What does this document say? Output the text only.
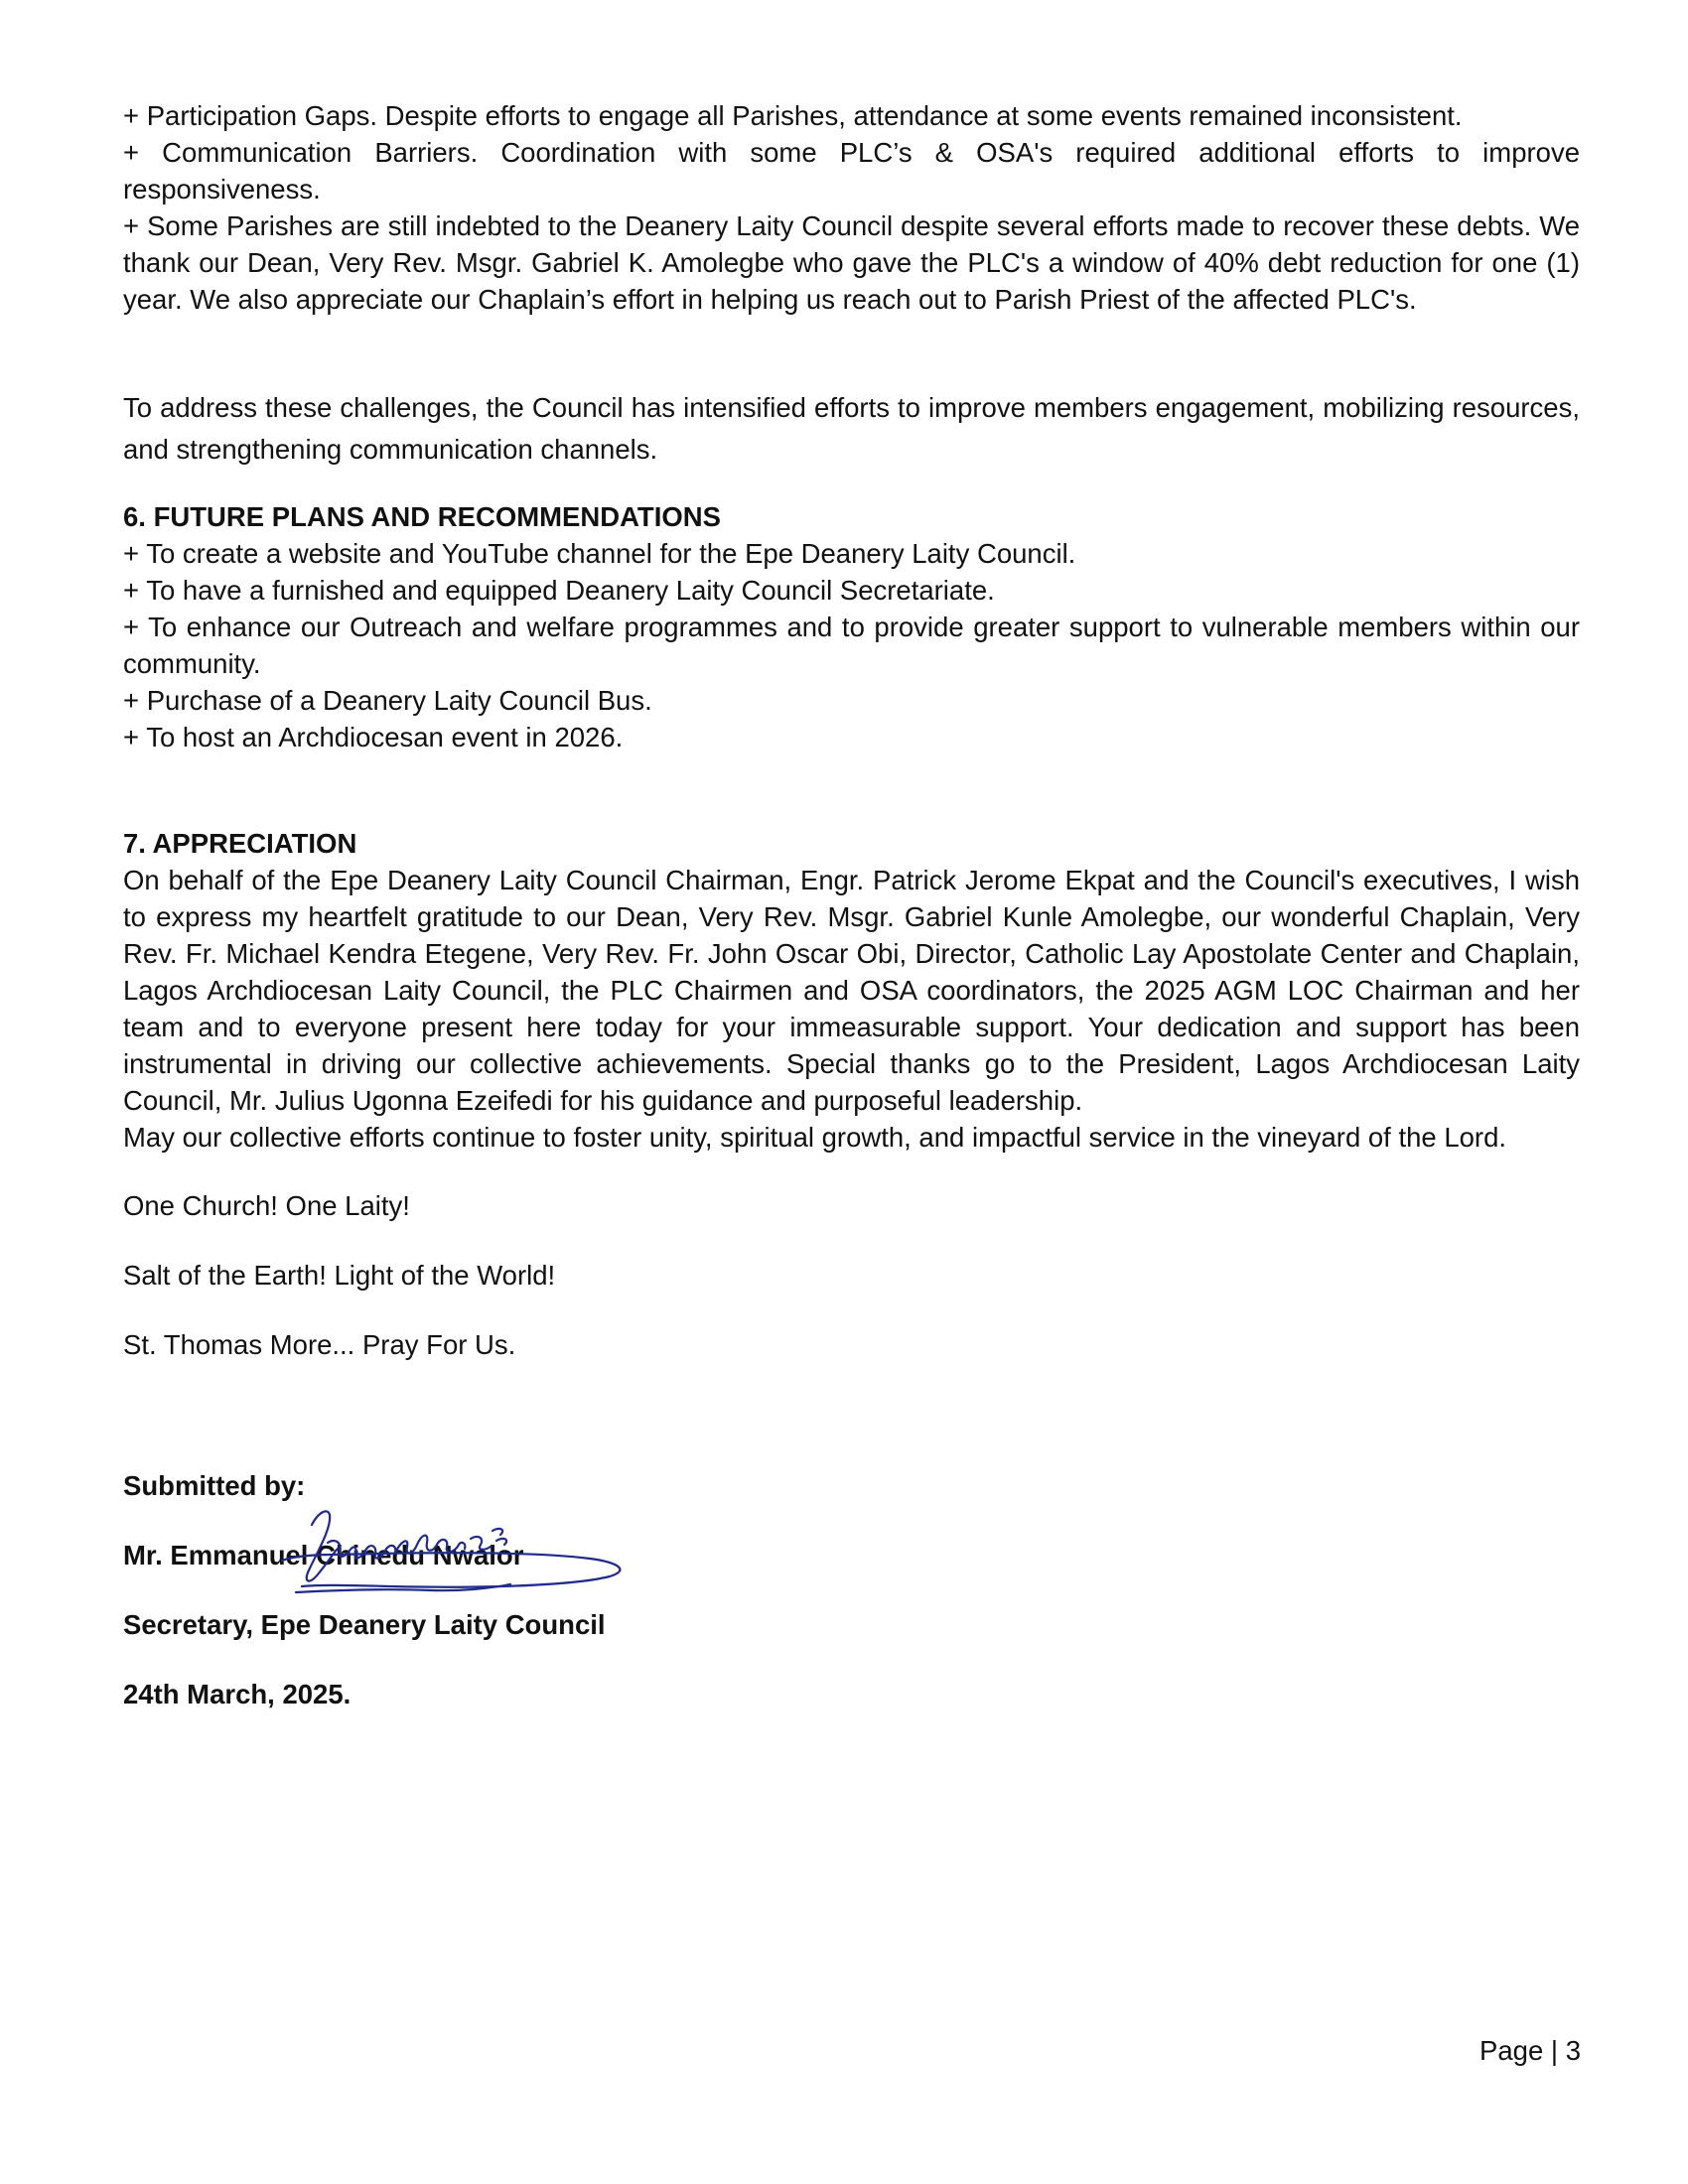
+ Participation Gaps. Despite efforts to engage all Parishes, attendance at some events remained inconsistent.

+ Communication Barriers. Coordination with some PLC’s & OSA's required additional efforts to improve responsiveness.

+ Some Parishes are still indebted to the Deanery Laity Council despite several efforts made to recover these debts. We thank our Dean, Very Rev. Msgr. Gabriel K. Amolegbe who gave the PLC's a window of 40% debt reduction for one (1) year. We also appreciate our Chaplain’s effort in helping us reach out to Parish Priest of the affected PLC's.

To address these challenges, the Council has intensified efforts to improve members engagement, mobilizing resources, and strengthening communication channels.

6. FUTURE PLANS AND RECOMMENDATIONS

+ To create a website and YouTube channel for the Epe Deanery Laity Council.

+ To have a furnished and equipped Deanery Laity Council Secretariate.

+ To enhance our Outreach and welfare programmes and to provide greater support to vulnerable members within our community.

+ Purchase of a Deanery Laity Council Bus.

+ To host an Archdiocesan event in 2026.

7. APPRECIATION

On behalf of the Epe Deanery Laity Council Chairman, Engr. Patrick Jerome Ekpat and the Council's executives, I wish to express my heartfelt gratitude to our Dean, Very Rev. Msgr. Gabriel Kunle Amolegbe, our wonderful Chaplain, Very Rev. Fr. Michael Kendra Etegene, Very Rev. Fr. John Oscar Obi, Director, Catholic Lay Apostolate Center and Chaplain, Lagos Archdiocesan Laity Council, the PLC Chairmen and OSA coordinators, the 2025 AGM LOC Chairman and her team and to everyone present here today for your immeasurable support. Your dedication and support has been instrumental in driving our collective achievements. Special thanks go to the President, Lagos Archdiocesan Laity Council, Mr. Julius Ugonna Ezeifedi for his guidance and purposeful leadership.

May our collective efforts continue to foster unity, spiritual growth, and impactful service in the vineyard of the Lord.

One Church! One Laity!

Salt of the Earth! Light of the World!

St. Thomas More... Pray For Us.

Submitted by:

Mr. Emmanuel Chinedu Nwalor

Secretary, Epe Deanery Laity Council

24th March, 2025.

Page | 3
